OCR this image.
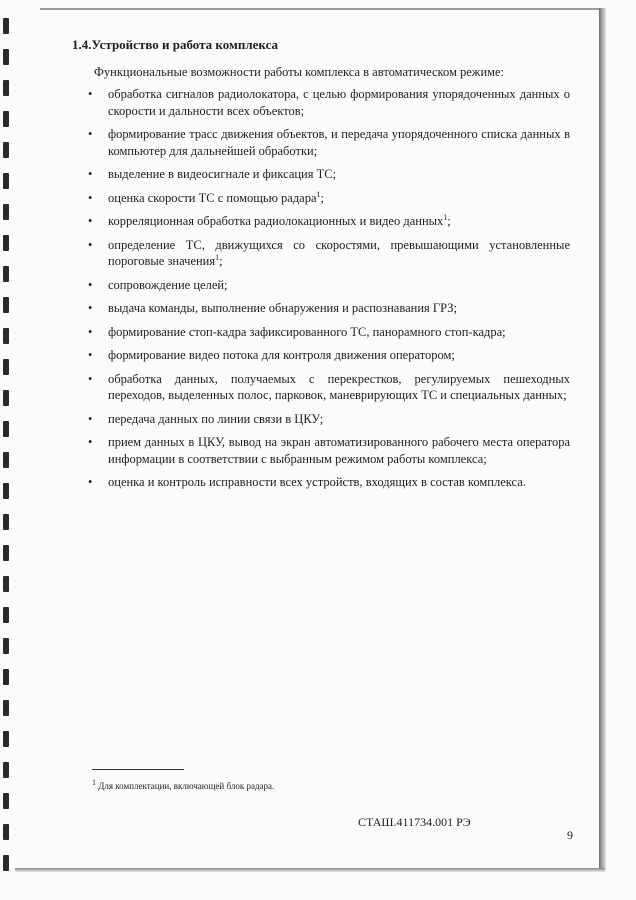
1.4.Устройство и работа комплекса

Функциональные возможности работы комплекса в автоматическом режиме:

• обработка сигналов радиолокатора, с целью формирования упорядоченных данных о скорости и дальности всех объектов;
• формирование трасс движения объектов, и передача упорядоченного списка данных в компьютер для дальнейшей обработки;
• выделение в видеосигнале и фиксация ТС;
• оценка скорости ТС с помощью радара$^1$;
• корреляционная обработка радиолокационных и видео данных$^1$;
• определение ТС, движущихся со скоростями, превышающими установленные пороговые значения$^1$;
• сопровождение целей;
• выдача команды, выполнение обнаружения и распознавания ГРЗ;
• формирование стоп-кадра зафиксированного ТС, панорамного стоп-кадра;
• формирование видео потока для контроля движения оператором;
• обработка данных, получаемых с перекрестков, регулируемых пешеходных переходов, выделенных полос, парковок, маневрирующих ТС и специальных данных;
• передача данных по линии связи в ЦКУ;
• прием данных в ЦКУ, вывод на экран автоматизированного рабочего места оператора информации в соответствии с выбранным режимом работы комплекса;
• оценка и контроль исправности всех устройств, входящих в состав комплекса.
$^1$ Для комплектации, включающей блок радара.
СТАШ.411734.001 РЭ
9
